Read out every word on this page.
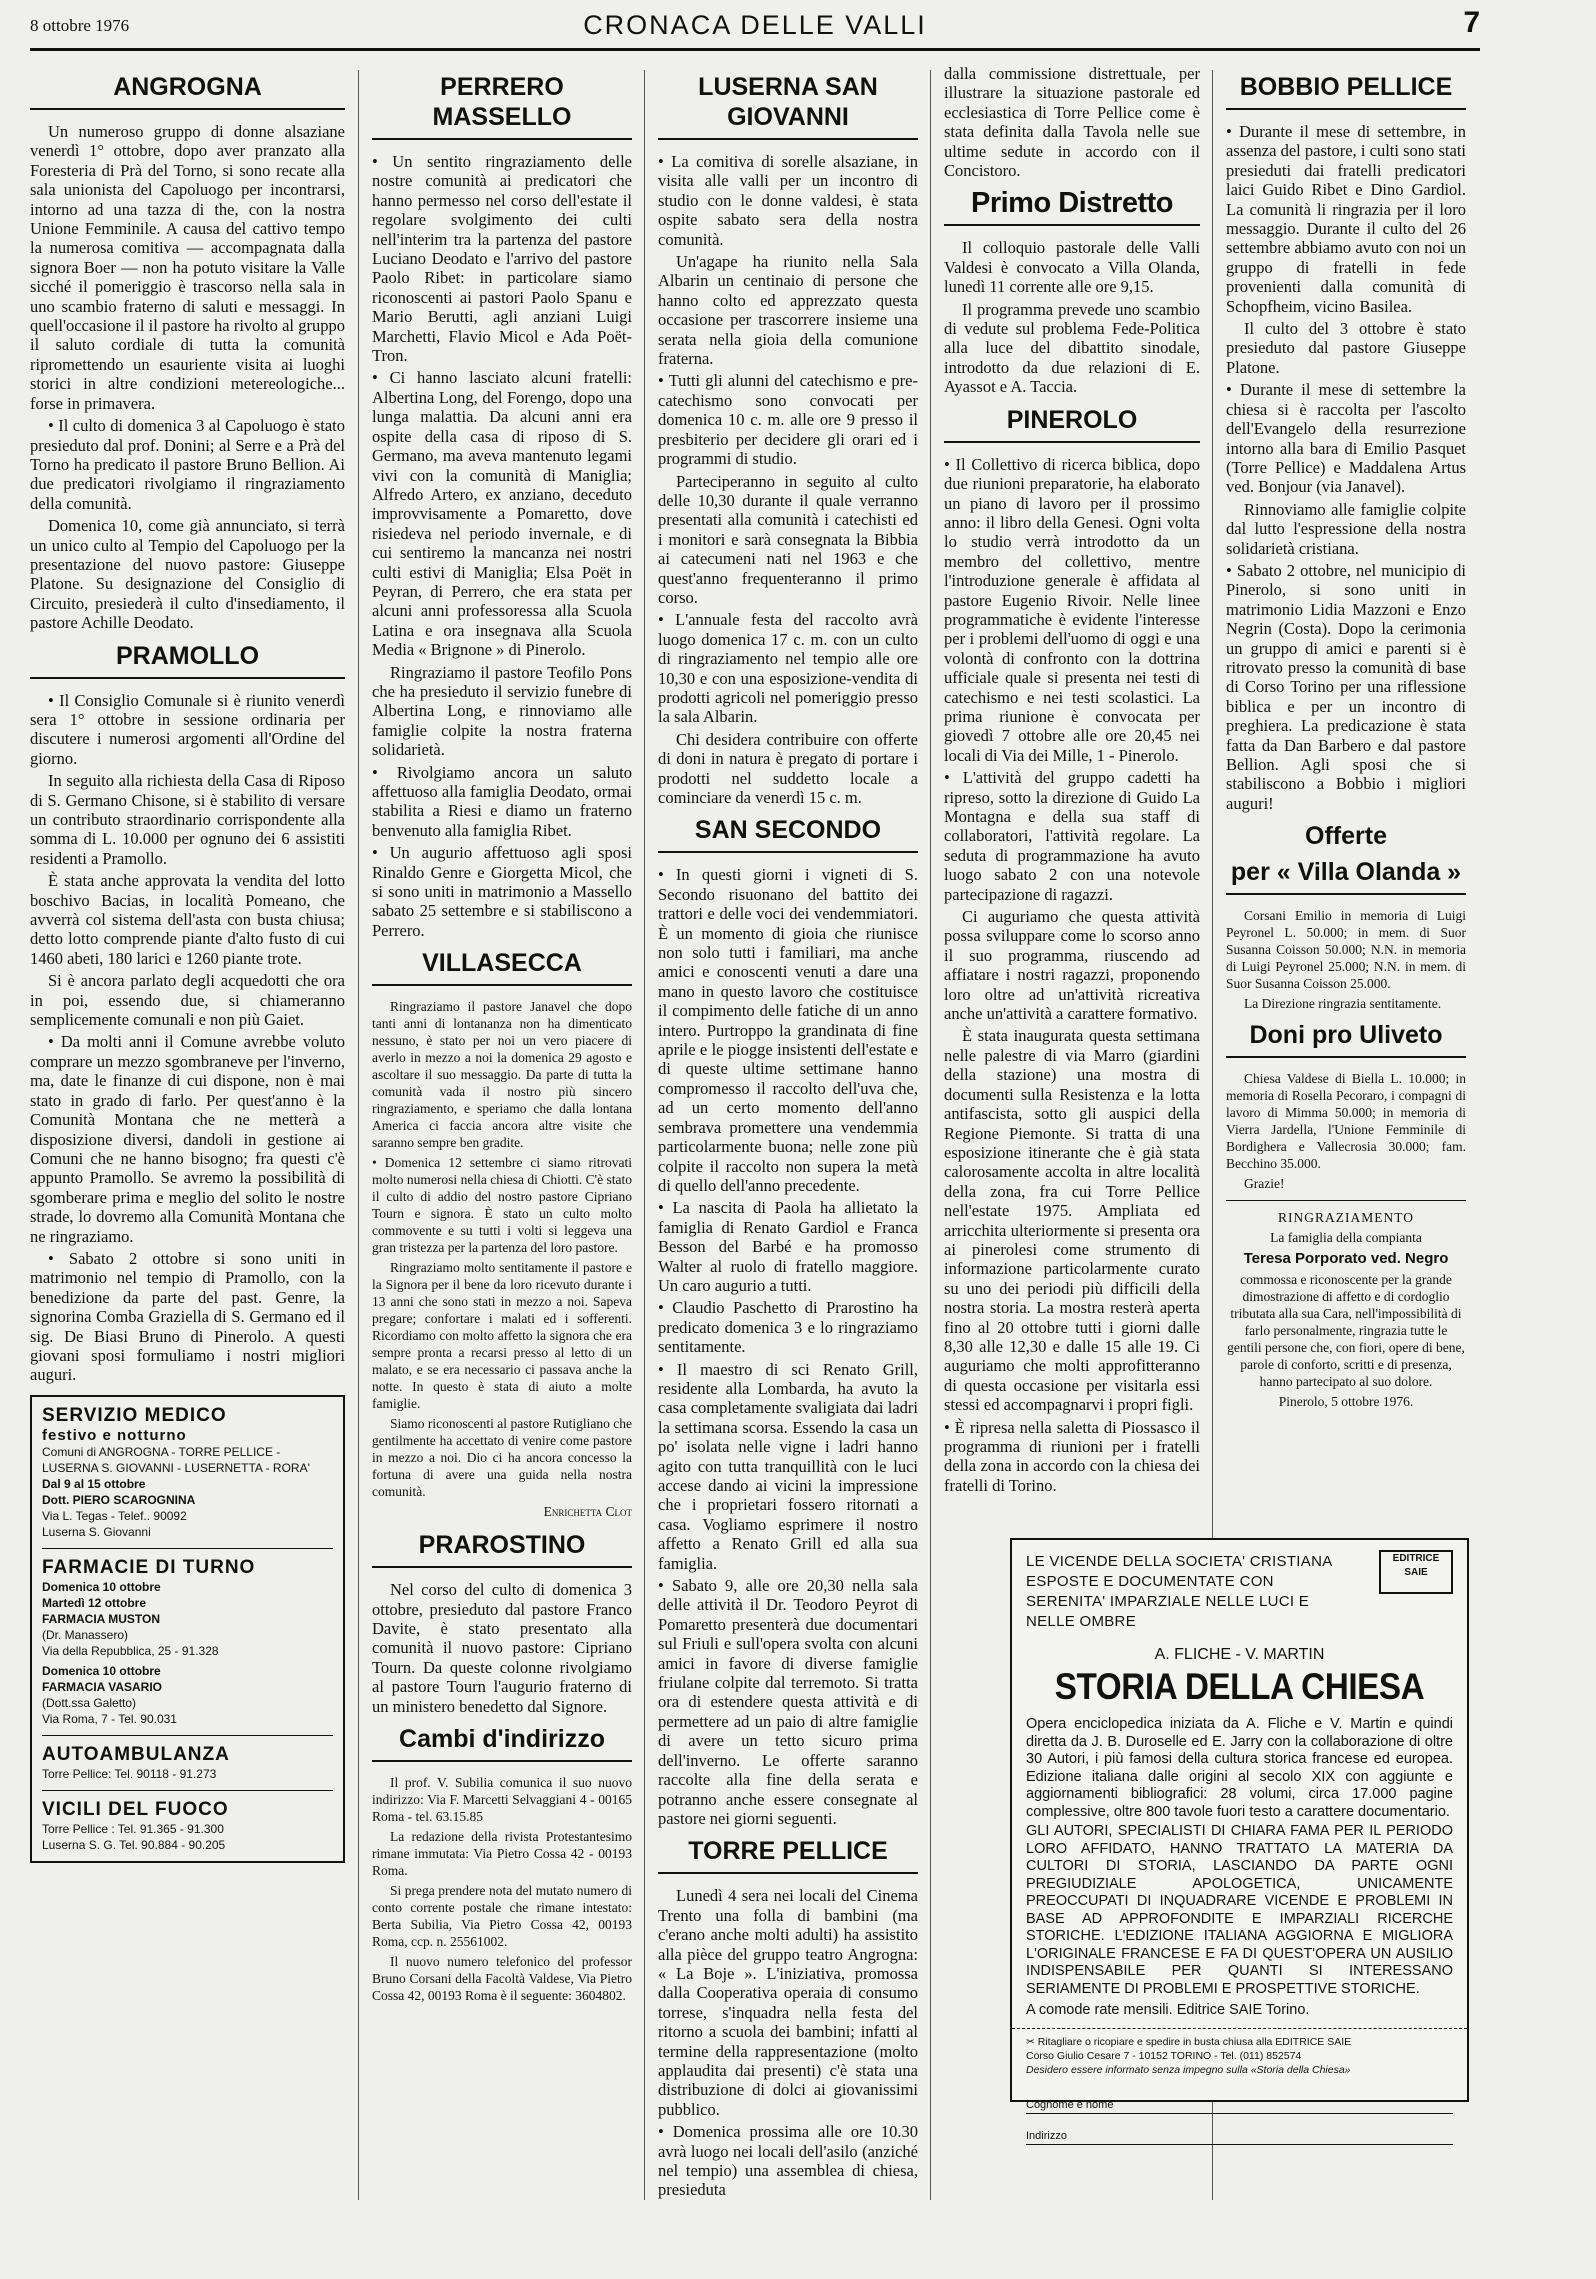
8 ottobre 1976	CRONACA DELLE VALLI	7
ANGROGNA

Un numeroso gruppo di donne alsaziane venerdì 1° ottobre, dopo aver pranzato alla Foresteria di Prà del Torno, si sono recate alla sala unionista del Capoluogo per incontrarsi, intorno ad una tazza di the, con la nostra Unione Femminile. A causa del cattivo tempo la numerosa comitiva — accompagnata dalla signora Boer — non ha potuto visitare la Valle sicché il pomeriggio è trascorso nella sala in uno scambio fraterno di saluti e messaggi. In quell'occasione il il pastore ha rivolto al gruppo il saluto cordiale di tutta la comunità ripromettendo un esauriente visita ai luoghi storici in altre condizioni metereologiche... forse in primavera.

• Il culto di domenica 3 al Capoluogo è stato presieduto dal prof. Donini; al Serre e a Prà del Torno ha predicato il pastore Bruno Bellion. Ai due predicatori rivolgiamo il ringraziamento della comunità.

Domenica 10, come già annunciato, si terrà un unico culto al Tempio del Capoluogo per la presentazione del nuovo pastore: Giuseppe Platone. Su designazione del Consiglio di Circuito, presiederà il culto d'insediamento, il pastore Achille Deodato.

PRAMOLLO

• Il Consiglio Comunale si è riunito venerdì sera 1° ottobre in sessione ordinaria per discutere i numerosi argomenti all'Ordine del giorno.

In seguito alla richiesta della Casa di Riposo di S. Germano Chisone, si è stabilito di versare un contributo straordinario corrispondente alla somma di L. 10.000 per ognuno dei 6 assistiti residenti a Pramollo.

È stata anche approvata la vendita del lotto boschivo Bacias, in località Pomeano, che avverrà col sistema dell'asta con busta chiusa; detto lotto comprende piante d'alto fusto di cui 1460 abeti, 180 larici e 1260 piante trote.

Si è ancora parlato degli acquedotti che ora in poi, essendo due, si chiameranno semplicemente comunali e non più Gaiet.

• Da molti anni il Comune avrebbe voluto comprare un mezzo sgombraneve per l'inverno, ma, date le finanze di cui dispone, non è mai stato in grado di farlo. Per quest'anno è la Comunità Montana che ne metterà a disposizione diversi, dandoli in gestione ai Comuni che ne hanno bisogno; fra questi c'è appunto Pramollo. Se avremo la possibilità di sgomberare prima e meglio del solito le nostre strade, lo dovremo alla Comunità Montana che ne ringraziamo.

• Sabato 2 ottobre si sono uniti in matrimonio nel tempio di Pramollo, con la benedizione da parte del past. Genre, la signorina Comba Graziella di S. Germano ed il sig. De Biasi Bruno di Pinerolo. A questi giovani sposi formuliamo i nostri migliori auguri.

SERVIZIO MEDICO
festivo e notturno
Comuni di ANGROGNA - TORRE PELLICE - LUSERNA S. GIOVANNI - LUSERNETTA - RORA'
Dal 9 al 15 ottobre
Dott. PIERO SCAROGNINA
Via L. Tegas - Telef.. 90092
Luserna S. Giovanni
FARMACIE DI TURNO
Domenica 10 ottobre
Martedì 12 ottobre
FARMACIA MUSTON
(Dr. Manassero)
Via della Repubblica, 25 - 91.328
Domenica 10 ottobre
FARMACIA VASARIO
(Dott.ssa Galetto)
Via Roma, 7 - Tel. 90.031
AUTOAMBULANZA
Torre Pellice: Tel. 90118 - 91.273
VICILI DEL FUOCO
Torre Pellice : Tel. 91.365 - 91.300
Luserna S. G. Tel. 90.884 - 90.205
PERRERO MASSELLO

• Un sentito ringraziamento delle nostre comunità ai predicatori che hanno permesso nel corso dell'estate il regolare svolgimento dei culti nell'interim tra la partenza del pastore Luciano Deodato e l'arrivo del pastore Paolo Ribet: in particolare siamo riconoscenti ai pastori Paolo Spanu e Mario Berutti, agli anziani Luigi Marchetti, Flavio Micol e Ada Poët-Tron.

• Ci hanno lasciato alcuni fratelli: Albertina Long, del Forengo, dopo una lunga malattia. Da alcuni anni era ospite della casa di riposo di S. Germano, ma aveva mantenuto legami vivi con la comunità di Maniglia; Alfredo Artero, ex anziano, deceduto improvvisamente a Pomaretto, dove risiedeva nel periodo invernale, e di cui sentiremo la mancanza nei nostri culti estivi di Maniglia; Elsa Poët in Peyran, di Perrero, che era stata per alcuni anni professoressa alla Scuola Latina e ora insegnava alla Scuola Media « Brignone » di Pinerolo.

Ringraziamo il pastore Teofilo Pons che ha presieduto il servizio funebre di Albertina Long, e rinnoviamo alle famiglie colpite la nostra fraterna solidarietà.

• Rivolgiamo ancora un saluto affettuoso alla famiglia Deodato, ormai stabilita a Riesi e diamo un fraterno benvenuto alla famiglia Ribet.

• Un augurio affettuoso agli sposi Rinaldo Genre e Giorgetta Micol, che si sono uniti in matrimonio a Massello sabato 25 settembre e si stabiliscono a Perrero.

VILLASECCA

Ringraziamo il pastore Janavel che dopo tanti anni di lontananza non ha dimenticato nessuno, è stato per noi un vero piacere di averlo in mezzo a noi la domenica 29 agosto e ascoltare il suo messaggio. Da parte di tutta la comunità vada il nostro più sincero ringraziamento, e speriamo che dalla lontana America ci faccia ancora altre visite che saranno sempre ben gradite.

• Domenica 12 settembre ci siamo ritrovati molto numerosi nella chiesa di Chiotti. C'è stato il culto di addio del nostro pastore Cipriano Tourn e signora. È stato un culto molto commovente e su tutti i volti si leggeva una gran tristezza per la partenza del loro pastore.

Ringraziamo molto sentitamente il pastore e la Signora per il bene da loro ricevuto durante i 13 anni che sono stati in mezzo a noi. Sapeva pregare; confortare i malati ed i sofferenti. Ricordiamo con molto affetto la signora che era sempre pronta a recarsi presso al letto di un malato, e se era necessario ci passava anche la notte. In questo è stata di aiuto a molte famiglie.

Siamo riconoscenti al pastore Rutigliano che gentilmente ha accettato di venire come pastore in mezzo a noi. Dio ci ha ancora concesso la fortuna di avere una guida nella nostra comunità.

Enrichetta Clot
PRAROSTINO

Nel corso del culto di domenica 3 ottobre, presieduto dal pastore Franco Davite, è stato presentato alla comunità il nuovo pastore: Cipriano Tourn. Da queste colonne rivolgiamo al pastore Tourn l'augurio fraterno di un ministero benedetto dal Signore.

Cambi d'indirizzo

Il prof. V. Subilia comunica il suo nuovo indirizzo: Via F. Marcetti Selvaggiani 4 - 00165 Roma - tel. 63.15.85

La redazione della rivista Protestantesimo rimane immutata: Via Pietro Cossa 42 - 00193 Roma.

Si prega prendere nota del mutato numero di conto corrente postale che rimane intestato: Berta Subilia, Via Pietro Cossa 42, 00193 Roma, ccp. n. 25561002.

Il nuovo numero telefonico del professor Bruno Corsani della Facoltà Valdese, Via Pietro Cossa 42, 00193 Roma è il seguente: 3604802.

LUSERNA SAN GIOVANNI

• La comitiva di sorelle alsaziane, in visita alle valli per un incontro di studio con le donne valdesi, è stata ospite sabato sera della nostra comunità.

Un'agape ha riunito nella Sala Albarin un centinaio di persone che hanno colto ed apprezzato questa occasione per trascorrere insieme una serata nella gioia della comunione fraterna.

• Tutti gli alunni del catechismo e pre-catechismo sono convocati per domenica 10 c. m. alle ore 9 presso il presbiterio per decidere gli orari ed i programmi di studio.

Parteciperanno in seguito al culto delle 10,30 durante il quale verranno presentati alla comunità i catechisti ed i monitori e sarà consegnata la Bibbia ai catecumeni nati nel 1963 e che quest'anno frequenteranno il primo corso.

• L'annuale festa del raccolto avrà luogo domenica 17 c. m. con un culto di ringraziamento nel tempio alle ore 10,30 e con una esposizione-vendita di prodotti agricoli nel pomeriggio presso la sala Albarin.

Chi desidera contribuire con offerte di doni in natura è pregato di portare i prodotti nel suddetto locale a cominciare da venerdì 15 c. m.

SAN SECONDO

• In questi giorni i vigneti di S. Secondo risuonano del battito dei trattori e delle voci dei vendemmiatori. È un momento di gioia che riunisce non solo tutti i familiari, ma anche amici e conoscenti venuti a dare una mano in questo lavoro che costituisce il compimento delle fatiche di un anno intero. Purtroppo la grandinata di fine aprile e le piogge insistenti dell'estate e di queste ultime settimane hanno compromesso il raccolto dell'uva che, ad un certo momento dell'anno sembrava promettere una vendemmia particolarmente buona; nelle zone più colpite il raccolto non supera la metà di quello dell'anno precedente.

• La nascita di Paola ha allietato la famiglia di Renato Gardiol e Franca Besson del Barbé e ha promosso Walter al ruolo di fratello maggiore. Un caro augurio a tutti.

• Claudio Paschetto di Prarostino ha predicato domenica 3 e lo ringraziamo sentitamente.

• Il maestro di sci Renato Grill, residente alla Lombarda, ha avuto la casa completamente svaligiata dai ladri la settimana scorsa. Essendo la casa un po' isolata nelle vigne i ladri hanno agito con tutta tranquillità con le luci accese dando ai vicini la impressione che i proprietari fossero ritornati a casa. Vogliamo esprimere il nostro affetto a Renato Grill ed alla sua famiglia.

• Sabato 9, alle ore 20,30 nella sala delle attività il Dr. Teodoro Peyrot di Pomaretto presenterà due documentari sul Friuli e sull'opera svolta con alcuni amici in favore di diverse famiglie friulane colpite dal terremoto. Si tratta ora di estendere questa attività e di permettere ad un paio di altre famiglie di avere un tetto sicuro prima dell'inverno. Le offerte saranno raccolte alla fine della serata e potranno anche essere consegnate al pastore nei giorni seguenti.

TORRE PELLICE

Lunedì 4 sera nei locali del Cinema Trento una folla di bambini (ma c'erano anche molti adulti) ha assistito alla pièce del gruppo teatro Angrogna: « La Boje ». L'iniziativa, promossa dalla Cooperativa operaia di consumo torrese, s'inquadra nella festa del ritorno a scuola dei bambini; infatti al termine della rappresentazione (molto applaudita dai presenti) c'è stata una distribuzione di dolci ai giovanissimi pubblico.

• Domenica prossima alle ore 10.30 avrà luogo nei locali dell'asilo (anziché nel tempio) una assemblea di chiesa, presieduta

dalla commissione distrettuale, per illustrare la situazione pastorale ed ecclesiastica di Torre Pellice come è stata definita dalla Tavola nelle sue ultime sedute in accordo con il Concistoro.

Primo Distretto

Il colloquio pastorale delle Valli Valdesi è convocato a Villa Olanda, lunedì 11 corrente alle ore 9,15.

Il programma prevede uno scambio di vedute sul problema Fede-Politica alla luce del dibattito sinodale, introdotto da due relazioni di E. Ayassot e A. Taccia.

PINEROLO

• Il Collettivo di ricerca biblica, dopo due riunioni preparatorie, ha elaborato un piano di lavoro per il prossimo anno: il libro della Genesi. Ogni volta lo studio verrà introdotto da un membro del collettivo, mentre l'introduzione generale è affidata al pastore Eugenio Rivoir. Nelle linee programmatiche è evidente l'interesse per i problemi dell'uomo di oggi e una volontà di confronto con la dottrina ufficiale quale si presenta nei testi di catechismo e nei testi scolastici. La prima riunione è convocata per giovedì 7 ottobre alle ore 20,45 nei locali di Via dei Mille, 1 - Pinerolo.

• L'attività del gruppo cadetti ha ripreso, sotto la direzione di Guido La Montagna e della sua staff di collaboratori, l'attività regolare. La seduta di programmazione ha avuto luogo sabato 2 con una notevole partecipazione di ragazzi.

Ci auguriamo che questa attività possa sviluppare come lo scorso anno il suo programma, riuscendo ad affiatare i nostri ragazzi, proponendo loro oltre ad un'attività ricreativa anche un'attività a carattere formativo.

È stata inaugurata questa settimana nelle palestre di via Marro (giardini della stazione) una mostra di documenti sulla Resistenza e la lotta antifascista, sotto gli auspici della Regione Piemonte. Si tratta di una esposizione itinerante che è già stata calorosamente accolta in altre località della zona, fra cui Torre Pellice nell'estate 1975. Ampliata ed arricchita ulteriormente si presenta ora ai pinerolesi come strumento di informazione particolarmente curato su uno dei periodi più difficili della nostra storia. La mostra resterà aperta fino al 20 ottobre tutti i giorni dalle 8,30 alle 12,30 e dalle 15 alle 19. Ci auguriamo che molti approfitteranno di questa occasione per visitarla essi stessi ed accompagnarvi i propri figli.

• È ripresa nella saletta di Piossasco il programma di riunioni per i fratelli della zona in accordo con la chiesa dei fratelli di Torino.

BOBBIO PELLICE

• Durante il mese di settembre, in assenza del pastore, i culti sono stati presieduti dai fratelli predicatori laici Guido Ribet e Dino Gardiol. La comunità li ringrazia per il loro messaggio. Durante il culto del 26 settembre abbiamo avuto con noi un gruppo di fratelli in fede provenienti dalla comunità di Schopfheim, vicino Basilea.

Il culto del 3 ottobre è stato presieduto dal pastore Giuseppe Platone.

• Durante il mese di settembre la chiesa si è raccolta per l'ascolto dell'Evangelo della resurrezione intorno alla bara di Emilio Pasquet (Torre Pellice) e Maddalena Artus ved. Bonjour (via Janavel).

Rinnoviamo alle famiglie colpite dal lutto l'espressione della nostra solidarietà cristiana.

• Sabato 2 ottobre, nel municipio di Pinerolo, si sono uniti in matrimonio Lidia Mazzoni e Enzo Negrin (Costa). Dopo la cerimonia un gruppo di amici e parenti si è ritrovato presso la comunità di base di Corso Torino per una riflessione biblica e per un incontro di preghiera. La predicazione è stata fatta da Dan Barbero e dal pastore Bellion. Agli sposi che si stabiliscono a Bobbio i migliori auguri!

Offerte
per « Villa Olanda »

Corsani Emilio in memoria di Luigi Peyronel L. 50.000; in mem. di Suor Susanna Coisson 50.000; N.N. in memoria di Luigi Peyronel 25.000; N.N. in mem. di Suor Susanna Coisson 25.000.

La Direzione ringrazia sentitamente.

Doni pro Uliveto

Chiesa Valdese di Biella L. 10.000; in memoria di Rosella Pecoraro, i compagni di lavoro di Mimma 50.000; in memoria di Vierra Jardella, l'Unione Femminile di Bordighera e Vallecrosia 30.000; fam. Becchino 35.000.

Grazie!

RINGRAZIAMENTO
La famiglia della compianta
Teresa Porporato ved. Negro

commossa e riconoscente per la grande dimostrazione di affetto e di cordoglio tributata alla sua Cara, nell'impossibilità di farlo personalmente, ringrazia tutte le gentili persone che, con fiori, opere di bene, parole di conforto, scritti e di presenza, hanno partecipato al suo dolore.

Pinerolo, 5 ottobre 1976.
LE VICENDE DELLA SOCIETA' CRISTIANA ESPOSTE E DOCUMENTATE CON SERENITA' IMPARZIALE NELLE LUCI E NELLE OMBRE
EDITRICE SAIE
A. FLICHE - V. MARTIN
STORIA DELLA CHIESA
Opera enciclopedica iniziata da A. Fliche e V. Martin e quindi diretta da J. B. Duroselle ed E. Jarry con la collaborazione di oltre 30 Autori, i più famosi della cultura storica francese ed europea. Edizione italiana dalle origini al secolo XIX con aggiunte e aggiornamenti bibliografici: 28 volumi, circa 17.000 pagine complessive, oltre 800 tavole fuori testo a carattere documentario.
GLI AUTORI, SPECIALISTI DI CHIARA FAMA PER IL PERIODO LORO AFFIDATO, HANNO TRATTATO LA MATERIA DA CULTORI DI STORIA, LASCIANDO DA PARTE OGNI PREGIUDIZIALE APOLOGETICA, UNICAMENTE PREOCCUPATI DI INQUADRARE VICENDE E PROBLEMI IN BASE AD APPROFONDITE E IMPARZIALI RICERCHE STORICHE. L'EDIZIONE ITALIANA AGGIORNA E MIGLIORA L'ORIGINALE FRANCESE E FA DI QUEST'OPERA UN AUSILIO INDISPENSABILE PER QUANTI SI INTERESSANO SERIAMENTE DI PROBLEMI E PROSPETTIVE STORICHE.
A comode rate mensili. Editrice SAIE Torino.
✂ Ritagliare o ricopiare e spedire in busta chiusa alla EDITRICE SAIE
Corso Giulio Cesare 7 - 10152 TORINO - Tel. (011) 852574
Desidero essere informato senza impegno sulla «Storia della Chiesa»
Cognome e nome
Indirizzo
